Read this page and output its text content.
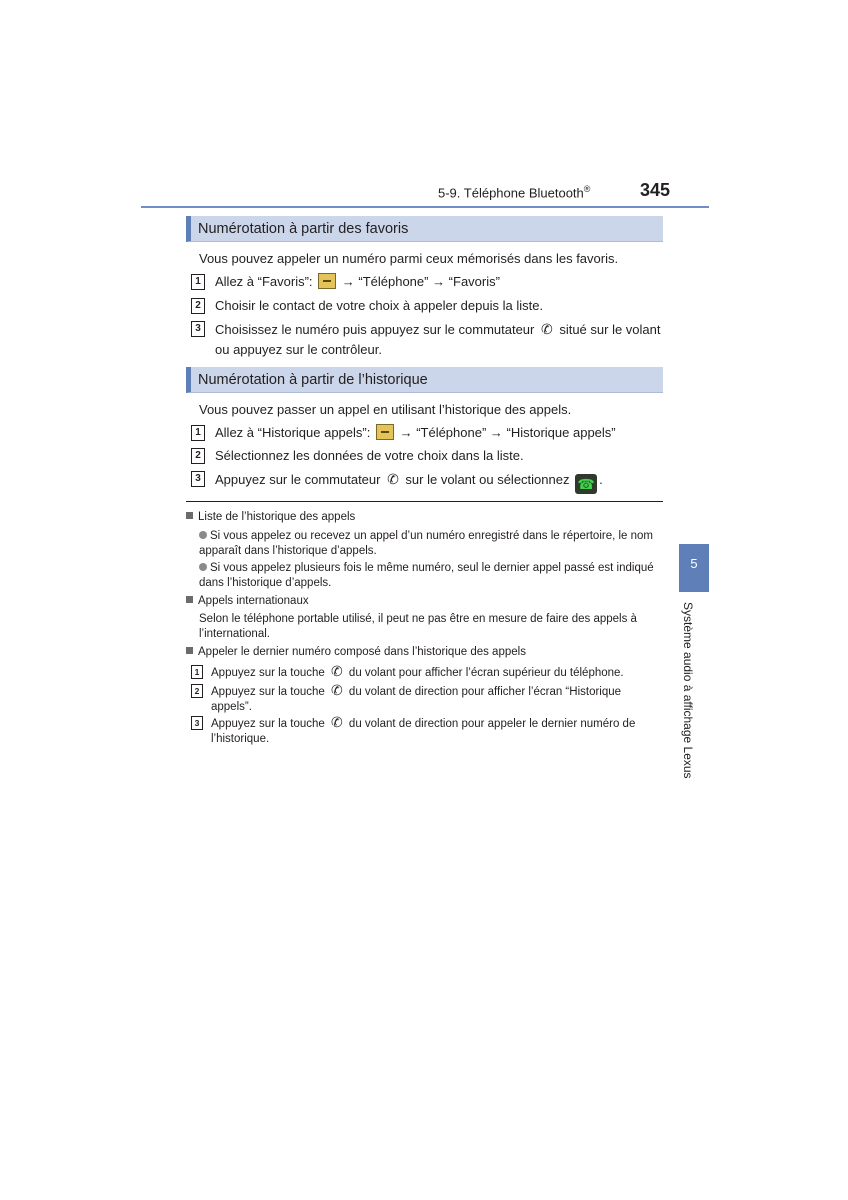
5-9. Téléphone Bluetooth®	345
Numérotation à partir des favoris
Vous pouvez appeler un numéro parmi ceux mémorisés dans les favoris.
1	Allez à “Favoris”:  → “Téléphone” → “Favoris”
2	Choisir le contact de votre choix à appeler depuis la liste.
3	Choisissez le numéro puis appuyez sur le commutateur ✆ situé sur le volant ou appuyez sur le contrôleur.
Numérotation à partir de l’historique
Vous pouvez passer un appel en utilisant l’historique des appels.
1	Allez à “Historique appels”:  → “Téléphone” → “Historique appels”
2	Sélectionnez les données de votre choix dans la liste.
3	Appuyez sur le commutateur ✆ sur le volant ou sélectionnez ☎ .
Liste de l’historique des appels
Si vous appelez ou recevez un appel d’un numéro enregistré dans le répertoire, le nom apparaît dans l’historique d’appels.
Si vous appelez plusieurs fois le même numéro, seul le dernier appel passé est indiqué dans l’historique d’appels.
Appels internationaux
Selon le téléphone portable utilisé, il peut ne pas être en mesure de faire des appels à l’international.
Appeler le dernier numéro composé dans l’historique des appels
1 Appuyez sur la touche ✆ du volant pour afficher l’écran supérieur du téléphone.
2 Appuyez sur la touche ✆ du volant de direction pour afficher l’écran “Historique appels”.
3 Appuyez sur la touche ✆ du volant de direction pour appeler le dernier numéro de l’historique.
5
Système audio à affichage Lexus
